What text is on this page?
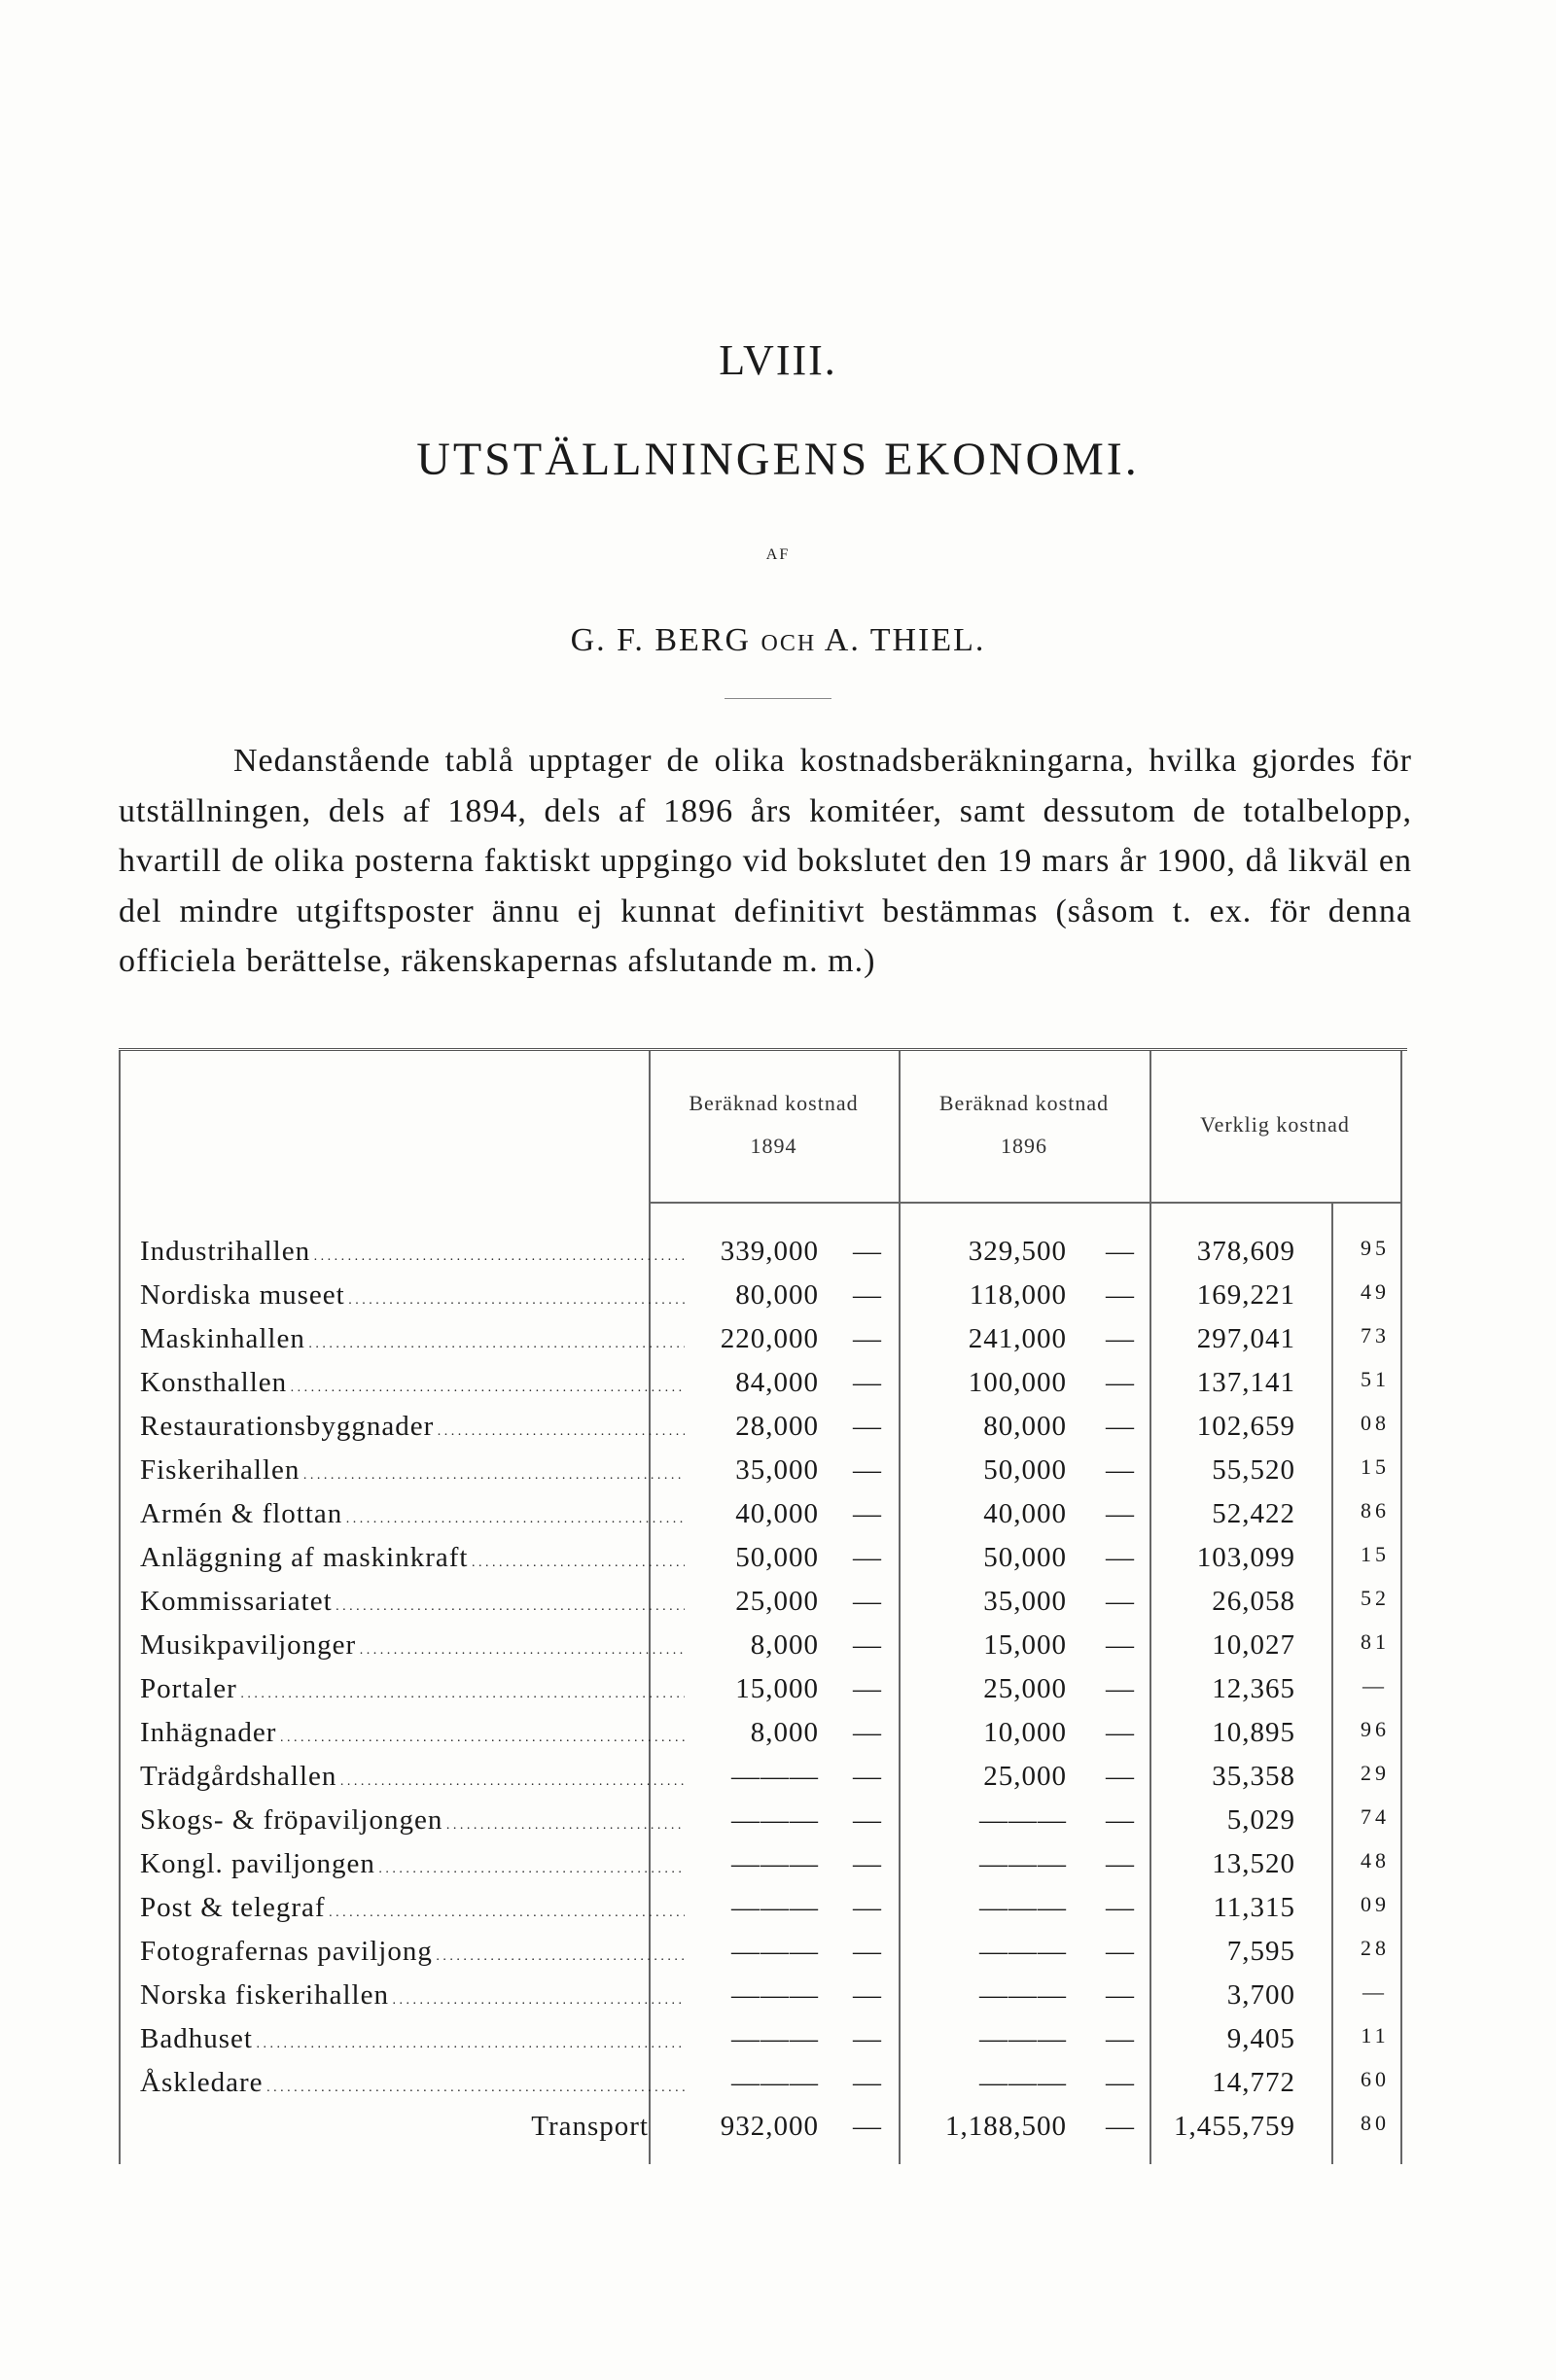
LVIII.
UTSTÄLLNINGENS EKONOMI.
AF
G. F. BERG OCH A. THIEL.

Nedanstående tablå upptager de olika kostnadsberäkningarna, hvilka gjordes för utställningen, dels af 1894, dels af 1896 års komitéer, samt dessutom de totalbelopp, hvartill de olika posterna faktiskt uppgingo vid bokslutet den 19 mars år 1900, då likväl en del mindre utgiftsposter ännu ej kunnat definitivt bestämmas (såsom t. ex. för denna officiela berättelse, räkenskapernas afslutande m. m.)

Beräknad kostnad
1894
Beräknad kostnad
1896
Verklig kostnad
Industrihallen . . .	339,000	—	329,500	—	378,609	95
Nordiska museet . . .	80,000	—	118,000	—	169,221	49
Maskinhallen . . .	220,000	—	241,000	—	297,041	73
Konsthallen . . .	84,000	—	100,000	—	137,141	51
Restaurationsbyggnader . . .	28,000	—	80,000	—	102,659	08
Fiskerihallen . . .	35,000	—	50,000	—	55,520	15
Armén & flottan . . .	40,000	—	40,000	—	52,422	86
Anläggning af maskinkraft . . .	50,000	—	50,000	—	103,099	15
Kommissariatet . . .	25,000	—	35,000	—	26,058	52
Musikpaviljonger . . .	8,000	—	15,000	—	10,027	81
Portaler . . .	15,000	—	25,000	—	12,365	—
Inhägnader . . .	8,000	—	10,000	—	10,895	96
Trädgårdshallen . . .	———	—	25,000	—	35,358	29
Skogs- & fröpaviljongen . . .	———	—	———	—	5,029	74
Kongl. paviljongen . . .	———	—	———	—	13,520	48
Post & telegraf . . .	———	—	———	—	11,315	09
Fotografernas paviljong . . .	———	—	———	—	7,595	28
Norska fiskerihallen . . .	———	—	———	—	3,700	—
Badhuset . . .	———	—	———	—	9,405	11
Åskledare . . .	———	—	———	—	14,772	60
Transport	932,000	—	1,188,500	—	1,455,759	80
